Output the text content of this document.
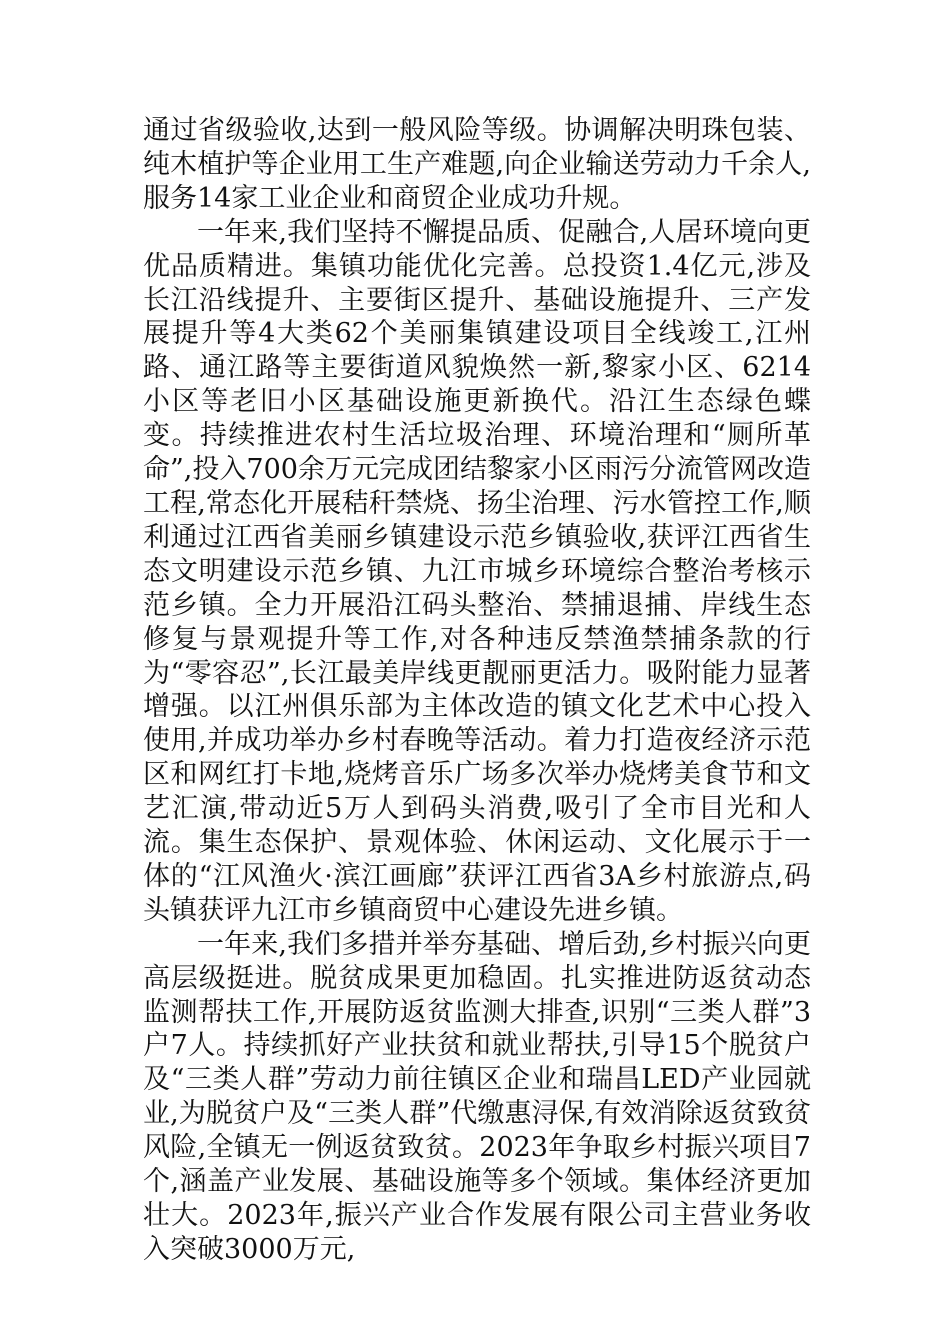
通过省级验收,达到一般风险等级。协调解决明珠包装、纯木植护等企业用工生产难题,向企业输送劳动力千余人,服务14家工业企业和商贸企业成功升规。

一年来,我们坚持不懈提品质、促融合,人居环境向更优品质精进。集镇功能优化完善。总投资1.4亿元,涉及长江沿线提升、主要街区提升、基础设施提升、三产发展提升等4大类62个美丽集镇建设项目全线竣工,江州路、通江路等主要街道风貌焕然一新,黎家小区、6214小区等老旧小区基础设施更新换代。沿江生态绿色蝶变。持续推进农村生活垃圾治理、环境治理和“厕所革命”,投入700余万元完成团结黎家小区雨污分流管网改造工程,常态化开展秸秆禁烧、扬尘治理、污水管控工作,顺利通过江西省美丽乡镇建设示范乡镇验收,获评江西省生态文明建设示范乡镇、九江市城乡环境综合整治考核示范乡镇。全力开展沿江码头整治、禁捕退捕、岸线生态修复与景观提升等工作,对各种违反禁渔禁捕条款的行为“零容忍”,长江最美岸线更靓丽更活力。吸附能力显著增强。以江州俱乐部为主体改造的镇文化艺术中心投入使用,并成功举办乡村春晚等活动。着力打造夜经济示范区和网红打卡地,烧烤音乐广场多次举办烧烤美食节和文艺汇演,带动近5万人到码头消费,吸引了全市目光和人流。集生态保护、景观体验、休闲运动、文化展示于一体的“江风渔火·滨江画廊”获评江西省3A乡村旅游点,码头镇获评九江市乡镇商贸中心建设先进乡镇。

一年来,我们多措并举夯基础、增后劲,乡村振兴向更高层级挺进。脱贫成果更加稳固。扎实推进防返贫动态监测帮扶工作,开展防返贫监测大排查,识别“三类人群”3户7人。持续抓好产业扶贫和就业帮扶,引导15个脱贫户及“三类人群”劳动力前往镇区企业和瑞昌LED产业园就业,为脱贫户及“三类人群”代缴惠浔保,有效消除返贫致贫风险,全镇无一例返贫致贫。2023年争取乡村振兴项目7个,涵盖产业发展、基础设施等多个领域。集体经济更加壮大。2023年,振兴产业合作发展有限公司主营业务收入突破3000万元,
